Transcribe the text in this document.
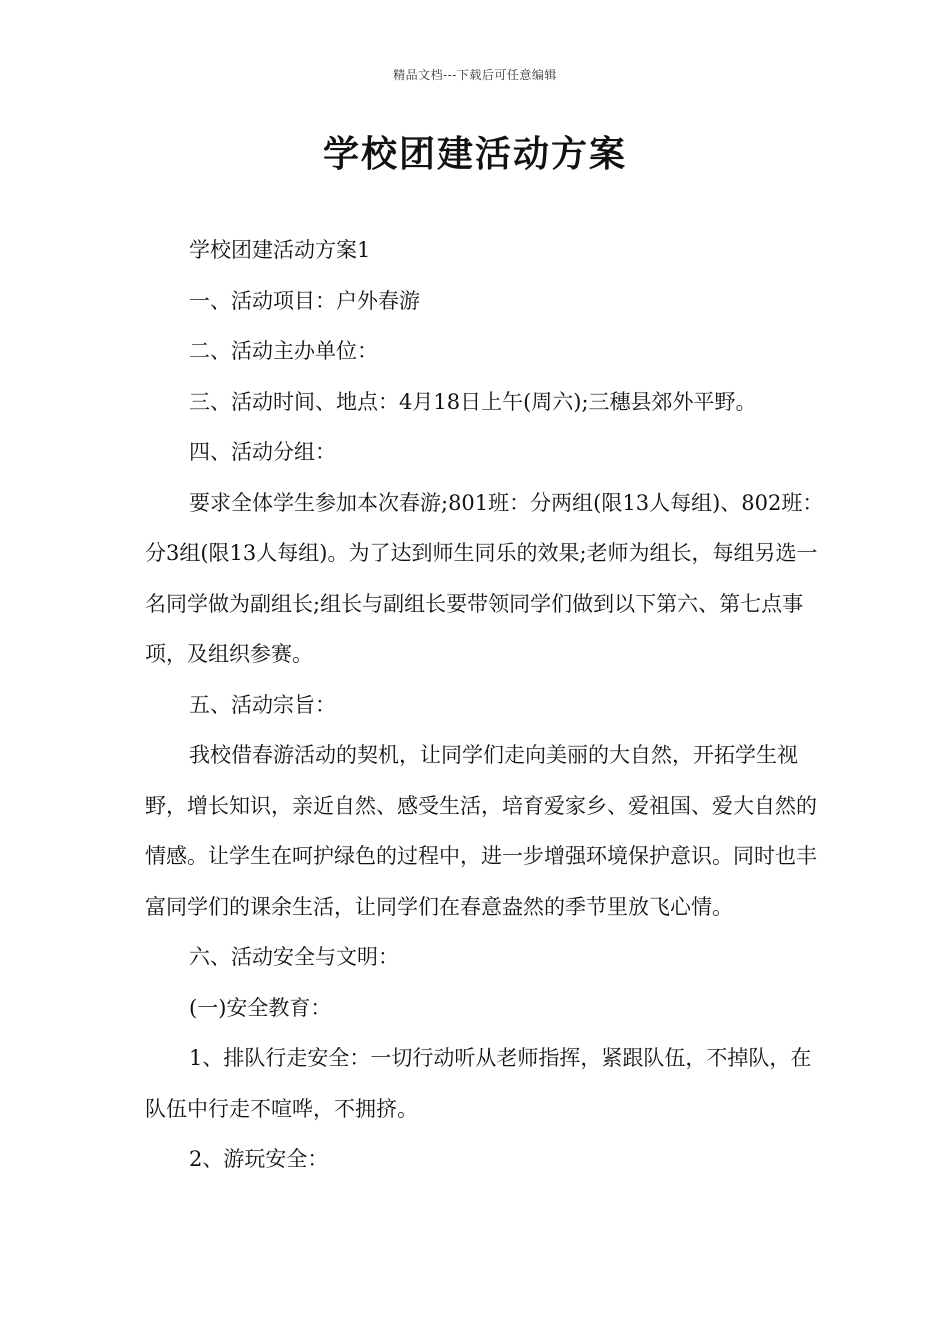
精品文档---下载后可任意编辑
学校团建活动方案

学校团建活动方案1

一、活动项目：户外春游

二、活动主办单位：

三、活动时间、地点：4月18日上午(周六);三穗县郊外平野。

四、活动分组：

要求全体学生参加本次春游;801班：分两组(限13人每组)、802班：分3组(限13人每组)。为了达到师生同乐的效果;老师为组长，每组另选一名同学做为副组长;组长与副组长要带领同学们做到以下第六、第七点事项，及组织参赛。

五、活动宗旨：

我校借春游活动的契机，让同学们走向美丽的大自然，开拓学生视野，增长知识，亲近自然、感受生活，培育爱家乡、爱祖国、爱大自然的情感。让学生在呵护绿色的过程中，进一步增强环境保护意识。同时也丰富同学们的课余生活，让同学们在春意盎然的季节里放飞心情。

六、活动安全与文明：

(一)安全教育：

1、排队行走安全：一切行动听从老师指挥，紧跟队伍，不掉队，在队伍中行走不喧哗，不拥挤。

2、游玩安全：
